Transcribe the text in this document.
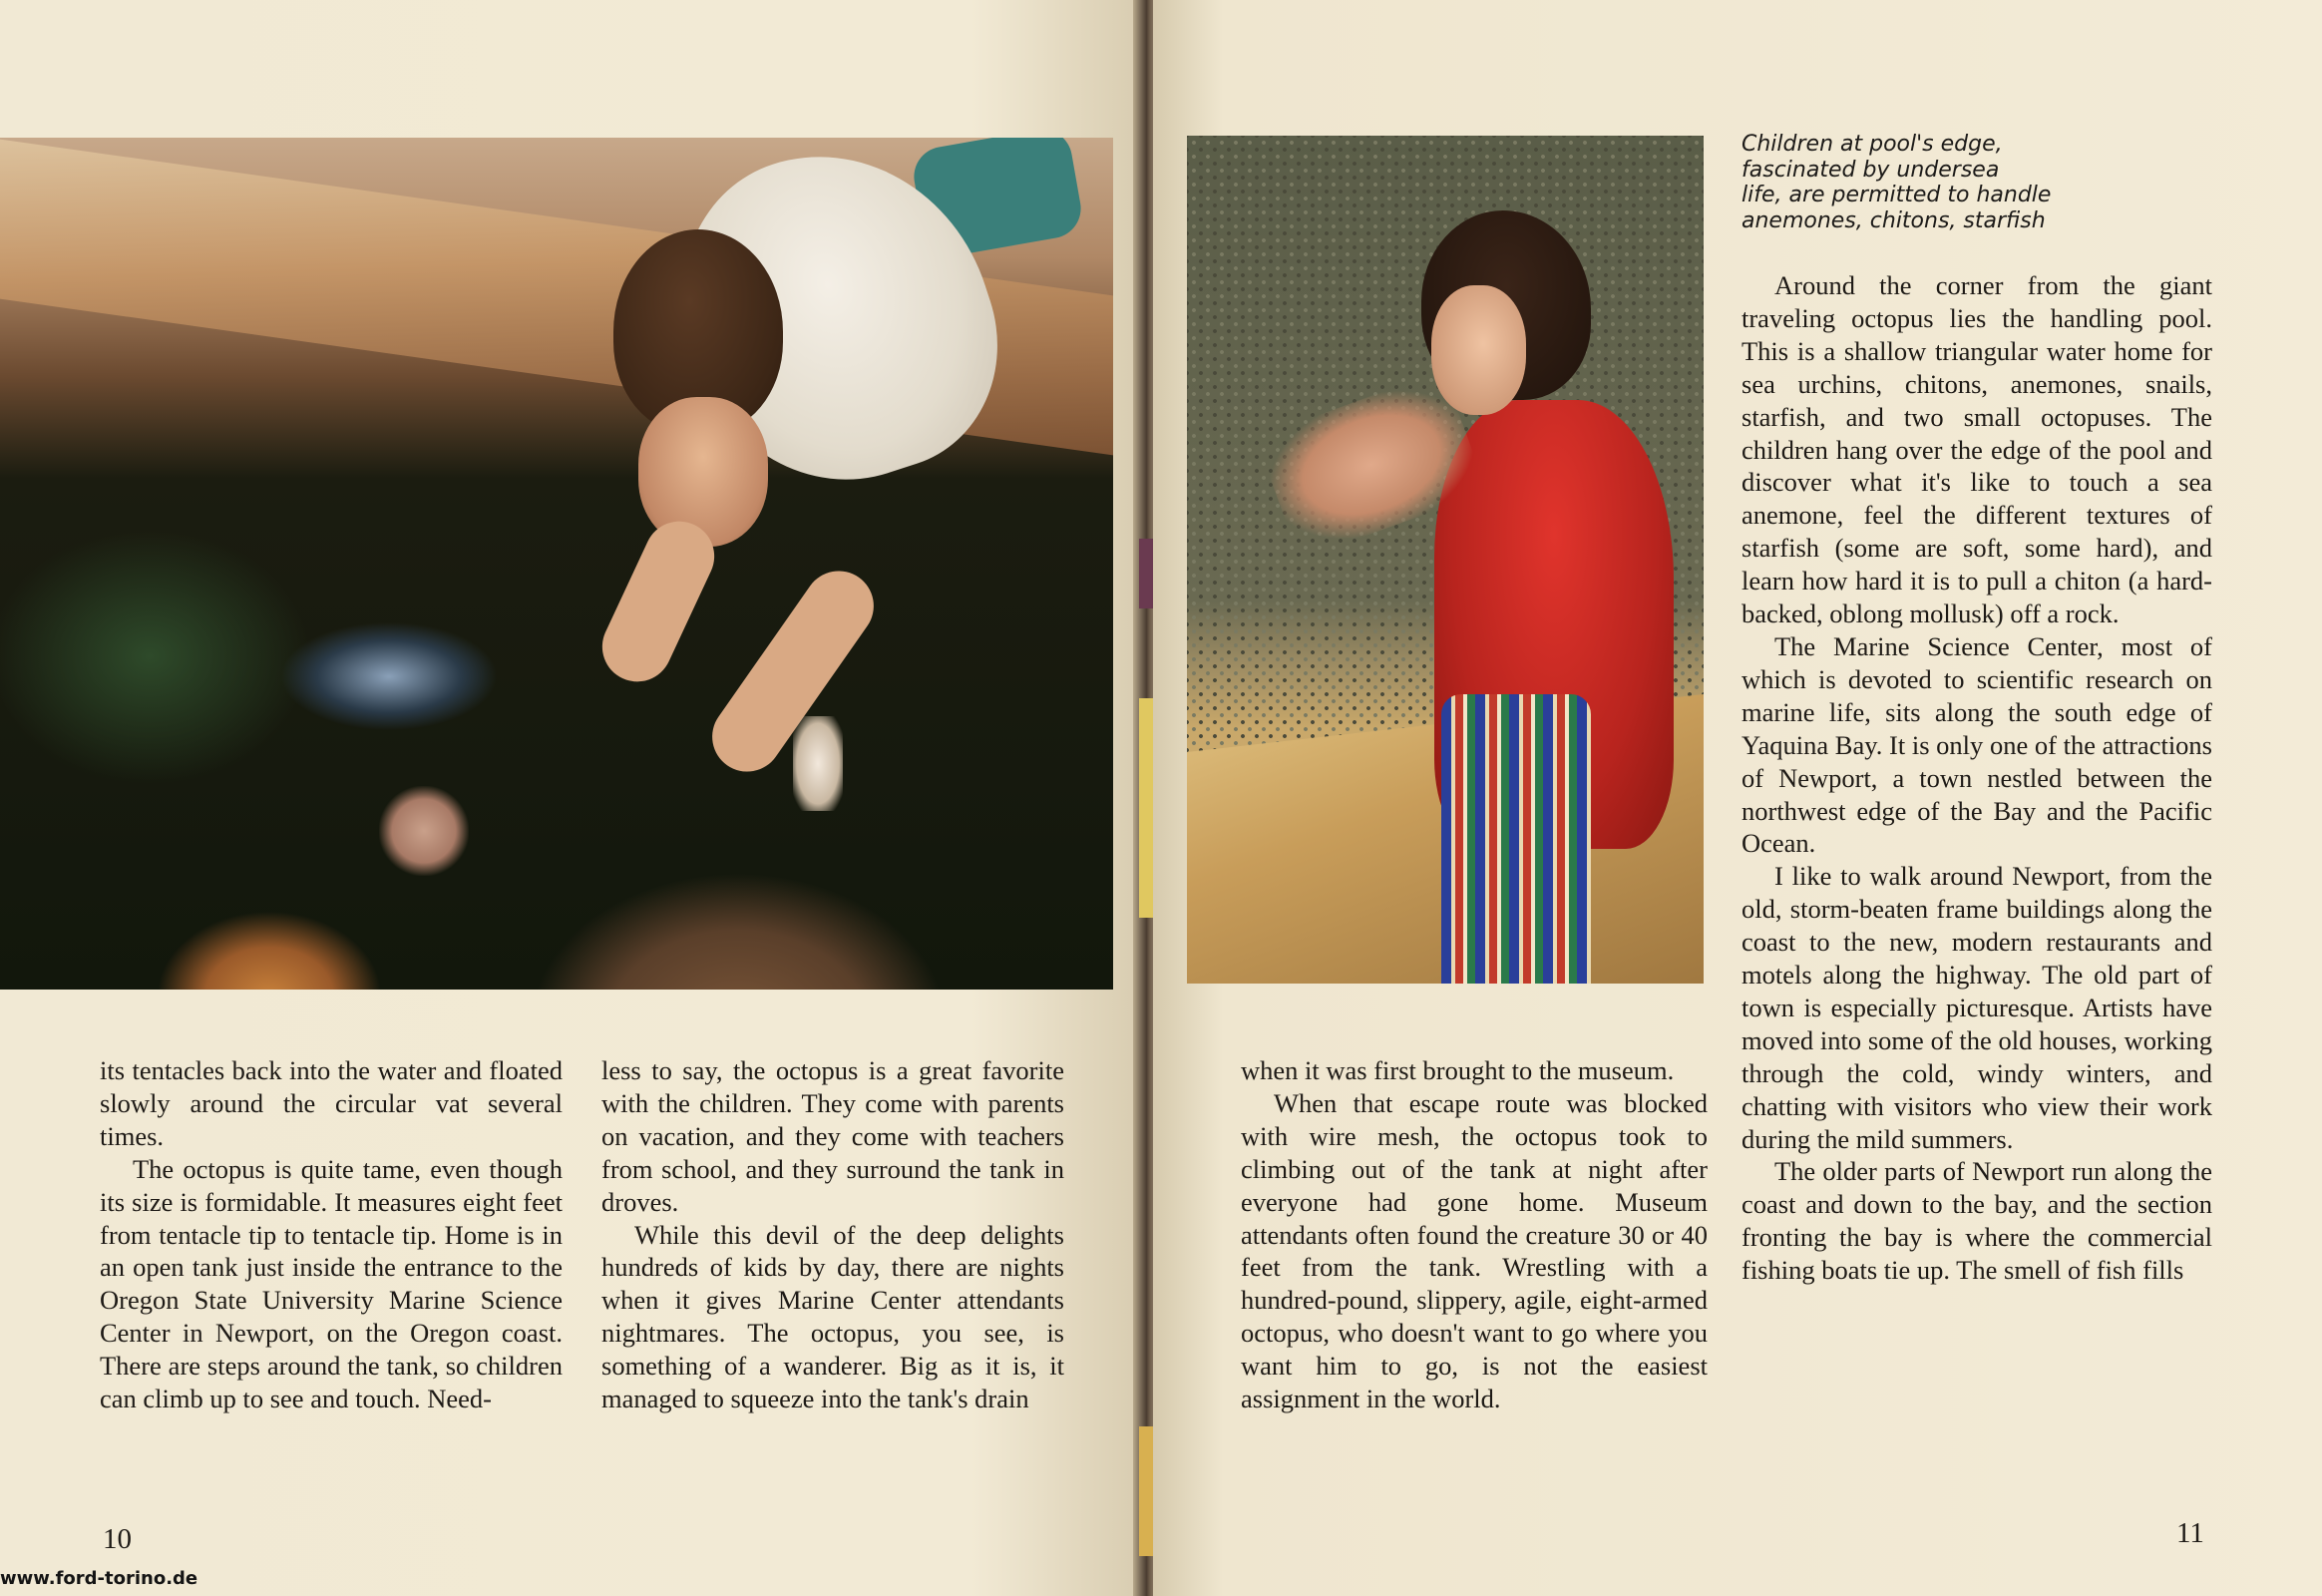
its tentacles back into the water and floated slowly around the circular vat several times.

The octopus is quite tame, even though its size is formidable. It measures eight feet from tentacle tip to tentacle tip. Home is in an open tank just inside the entrance to the Oregon State University Marine Science Center in Newport, on the Oregon coast. There are steps around the tank, so children can climb up to see and touch. Need-

less to say, the octopus is a great favorite with the children. They come with parents on vacation, and they come with teachers from school, and they surround the tank in droves.

While this devil of the deep delights hundreds of kids by day, there are nights when it gives Marine Center attendants nightmares. The octopus, you see, is something of a wanderer. Big as it is, it managed to squeeze into the tank's drain

10
Children at pool's edge,
fascinated by undersea
life, are permitted to handle
anemones, chitons, starfish

when it was first brought to the museum.

When that escape route was blocked with wire mesh, the octopus took to climbing out of the tank at night after everyone had gone home. Museum attendants often found the creature 30 or 40 feet from the tank. Wrestling with a hundred-pound, slippery, agile, eight-armed octopus, who doesn't want to go where you want him to go, is not the easiest assignment in the world.

Around the corner from the giant traveling octopus lies the handling pool. This is a shallow triangular water home for sea urchins, chitons, anemones, snails, starfish, and two small octopuses. The children hang over the edge of the pool and discover what it's like to touch a sea anemone, feel the different textures of starfish (some are soft, some hard), and learn how hard it is to pull a chiton (a hard-backed, oblong mollusk) off a rock.

The Marine Science Center, most of which is devoted to scientific research on marine life, sits along the south edge of Yaquina Bay. It is only one of the attractions of Newport, a town nestled between the northwest edge of the Bay and the Pacific Ocean.

I like to walk around Newport, from the old, storm-beaten frame buildings along the coast to the new, modern restaurants and motels along the highway. The old part of town is especially picturesque. Artists have moved into some of the old houses, working through the cold, windy winters, and chatting with visitors who view their work during the mild summers.

The older parts of Newport run along the coast and down to the bay, and the section fronting the bay is where the commercial fishing boats tie up. The smell of fish fills

11
www.ford-torino.de
